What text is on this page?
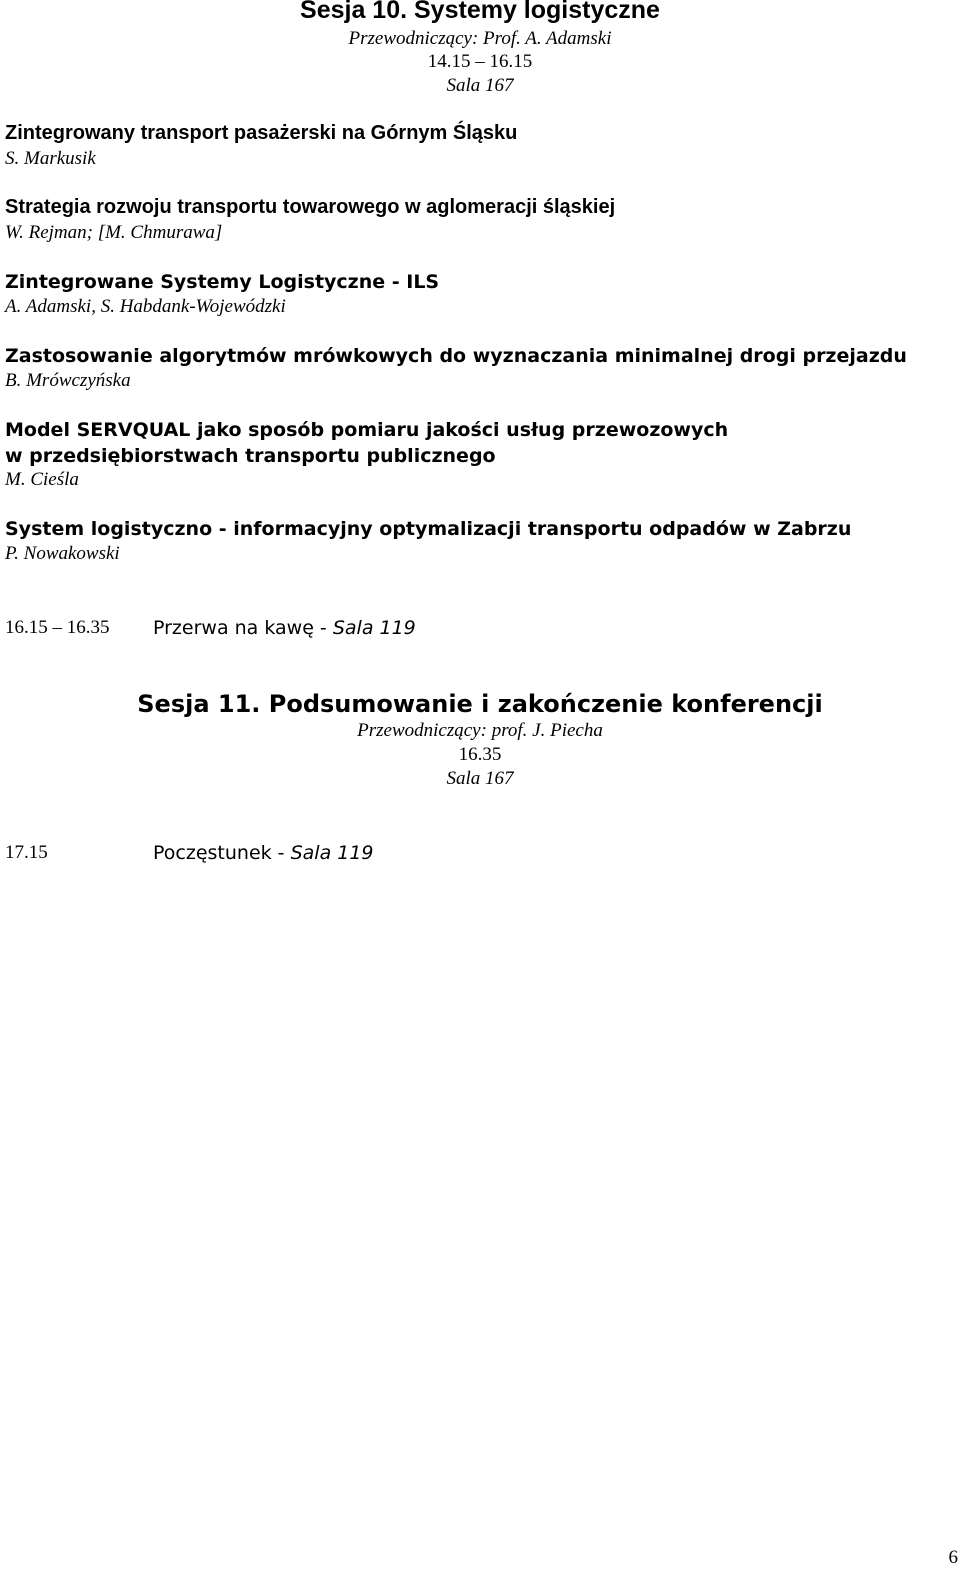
Sesja 10. Systemy logistyczne
Przewodniczący: Prof. A. Adamski
14.15 – 16.15
Sala 167
Zintegrowany transport pasażerski na Górnym Śląsku
S. Markusik
Strategia rozwoju transportu towarowego w aglomeracji śląskiej
W. Rejman; [M. Chmurawa]
Zintegrowane Systemy Logistyczne - ILS
A. Adamski, S. Habdank-Wojewódzki
Zastosowanie algorytmów mrówkowych do wyznaczania minimalnej drogi przejazdu
B. Mrówczyńska
Model SERVQUAL jako sposób pomiaru jakości usług przewozowych
w przedsiębiorstwach transportu publicznego
M. Cieśla
System logistyczno - informacyjny optymalizacji transportu odpadów w Zabrzu
P. Nowakowski
16.15 – 16.35 Przerwa na kawę - Sala 119
Sesja 11. Podsumowanie i zakończenie konferencji
Przewodniczący: prof. J. Piecha
16.35
Sala 167
17.15	Poczęstunek - Sala 119
6
